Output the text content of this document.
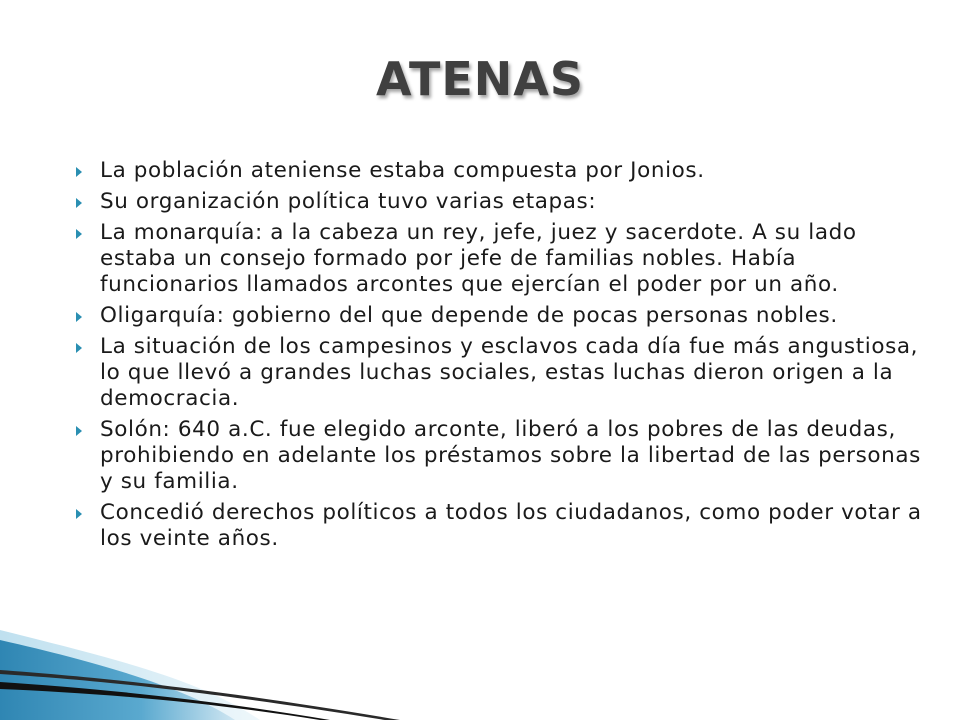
ATENAS
La población ateniense estaba compuesta por Jonios.
Su organización política tuvo varias etapas:
La monarquía: a la cabeza un rey, jefe, juez y sacerdote. A su lado estaba un consejo formado por jefe de familias nobles. Había funcionarios llamados arcontes que ejercían el poder por un año.
Oligarquía: gobierno del que depende de pocas personas nobles.
La situación de los campesinos y esclavos cada día fue más angustiosa, lo que llevó a grandes luchas sociales, estas luchas dieron origen a la democracia.
Solón: 640 a.C. fue elegido arconte, liberó a los pobres de las deudas, prohibiendo en adelante los préstamos sobre la libertad de las personas y su familia.
Concedió derechos políticos a todos los ciudadanos, como poder votar a los veinte años.
